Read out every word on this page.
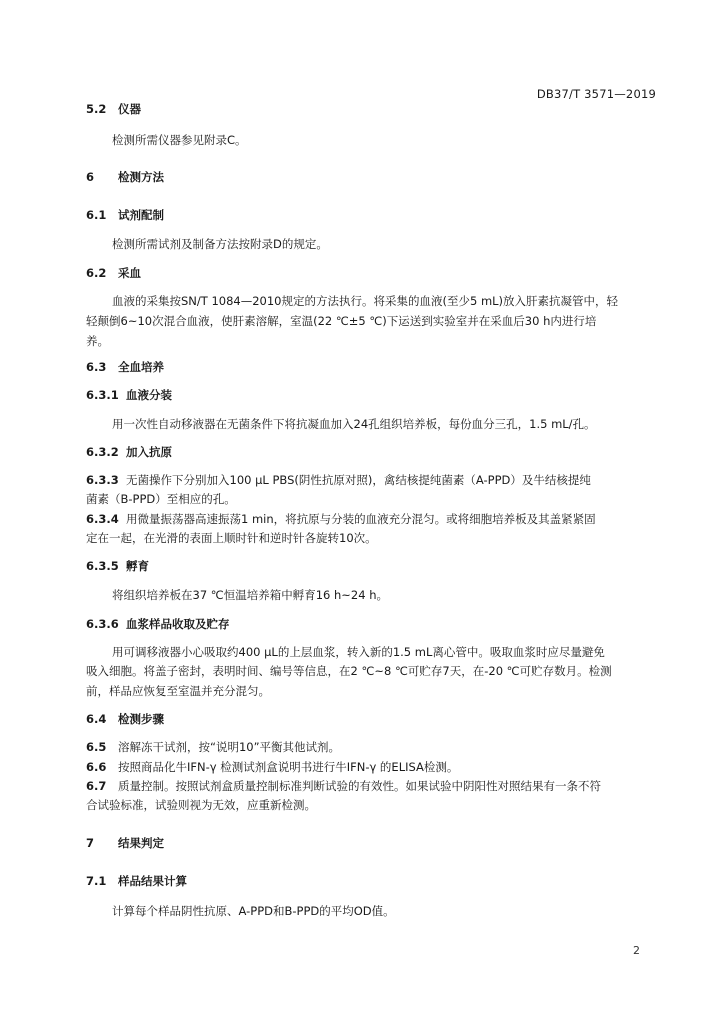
DB37/T 3571—2019
5.2 仪器
检测所需仪器参见附录C。
6 检测方法
6.1 试剂配制
检测所需试剂及制备方法按附录D的规定。
6.2 采血
血液的采集按SN/T 1084—2010规定的方法执行。将采集的血液(至少5 mL)放入肝素抗凝管中，轻
轻颠倒6~10次混合血液，使肝素溶解，室温(22 ℃±5 ℃)下运送到实验室并在采血后30 h内进行培
养。
6.3 全血培养
6.3.1 血液分装
用一次性自动移液器在无菌条件下将抗凝血加入24孔组织培养板，每份血分三孔，1.5 mL/孔。
6.3.2 加入抗原
6.3.3 无菌操作下分别加入100 μL PBS(阴性抗原对照)，禽结核提纯菌素（A-PPD）及牛结核提纯
菌素（B-PPD）至相应的孔。
6.3.4 用微量振荡器高速振荡1 min，将抗原与分装的血液充分混匀。或将细胞培养板及其盖紧紧固
定在一起，在光滑的表面上顺时针和逆时针各旋转10次。
6.3.5 孵育
将组织培养板在37 ℃恒温培养箱中孵育16 h~24 h。
6.3.6 血浆样品收取及贮存
用可调移液器小心吸取约400 μL的上层血浆，转入新的1.5 mL离心管中。吸取血浆时应尽量避免
吸入细胞。将盖子密封，表明时间、编号等信息，在2 ℃~8 ℃可贮存7天，在-20 ℃可贮存数月。检测
前，样品应恢复至室温并充分混匀。
6.4 检测步骤
6.5 溶解冻干试剂，按“说明10”平衡其他试剂。
6.6 按照商品化牛IFN-γ 检测试剂盒说明书进行牛IFN-γ 的ELISA检测。
6.7 质量控制。按照试剂盒质量控制标准判断试验的有效性。如果试验中阴阳性对照结果有一条不符
合试验标准，试验则视为无效，应重新检测。
7 结果判定
7.1 样品结果计算
计算每个样品阴性抗原、A-PPD和B-PPD的平均OD值。
2
